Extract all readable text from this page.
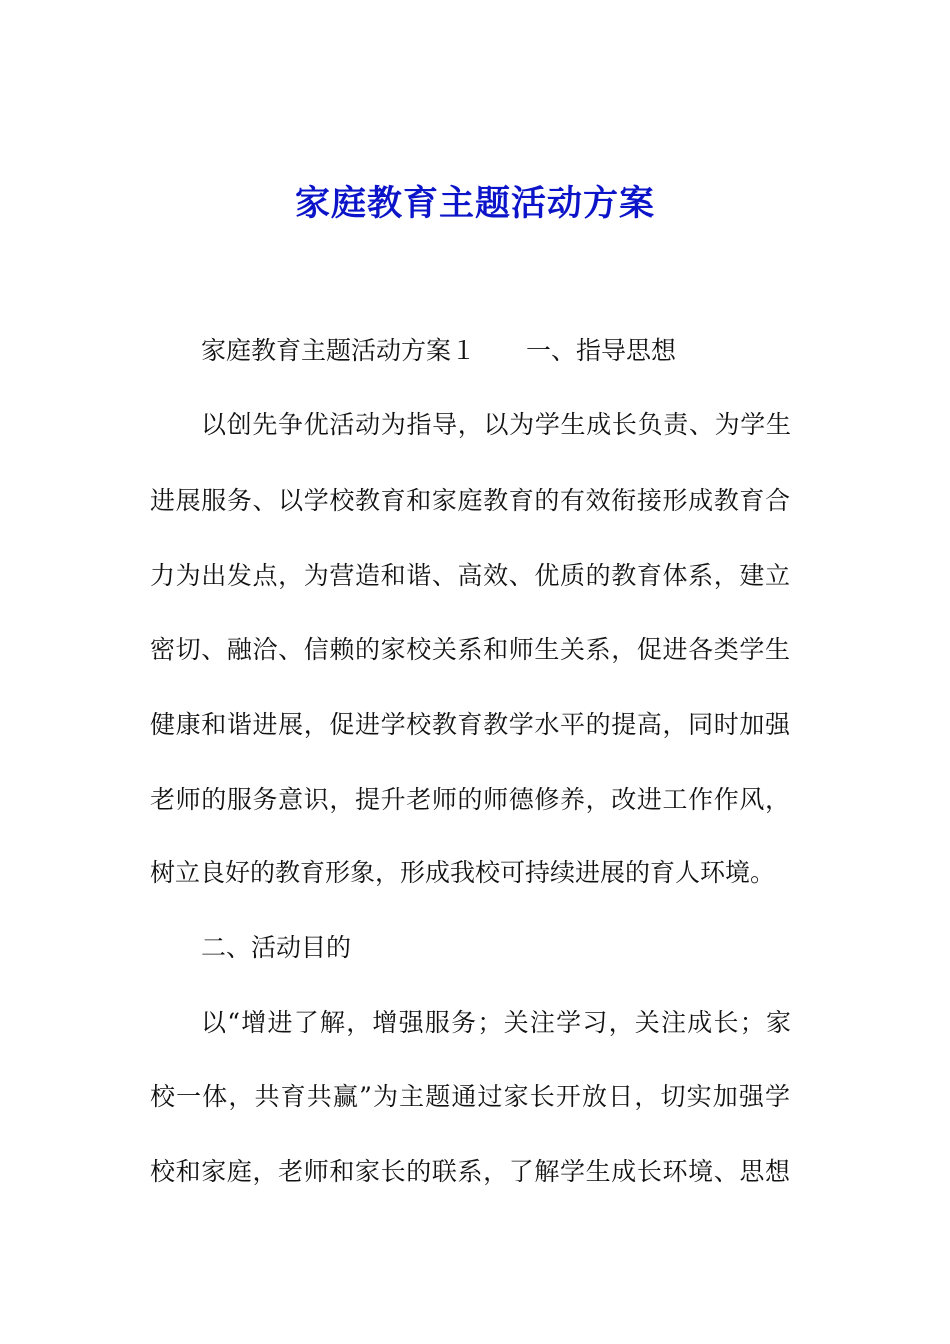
家庭教育主题活动方案
家庭教育主题活动方案１ 一、指导思想
以创先争优活动为指导，以为学生成长负责、为学生
进展服务、以学校教育和家庭教育的有效衔接形成教育合
力为出发点，为营造和谐、高效、优质的教育体系，建立
密切、融洽、信赖的家校关系和师生关系，促进各类学生
健康和谐进展，促进学校教育教学水平的提高，同时加强
老师的服务意识，提升老师的师德修养，改进工作作风，
树立良好的教育形象，形成我校可持续进展的育人环境。
二、活动目的
以“增进了解，增强服务；关注学习，关注成长；家
校一体，共育共赢”为主题通过家长开放日，切实加强学
校和家庭，老师和家长的联系，了解学生成长环境、思想
